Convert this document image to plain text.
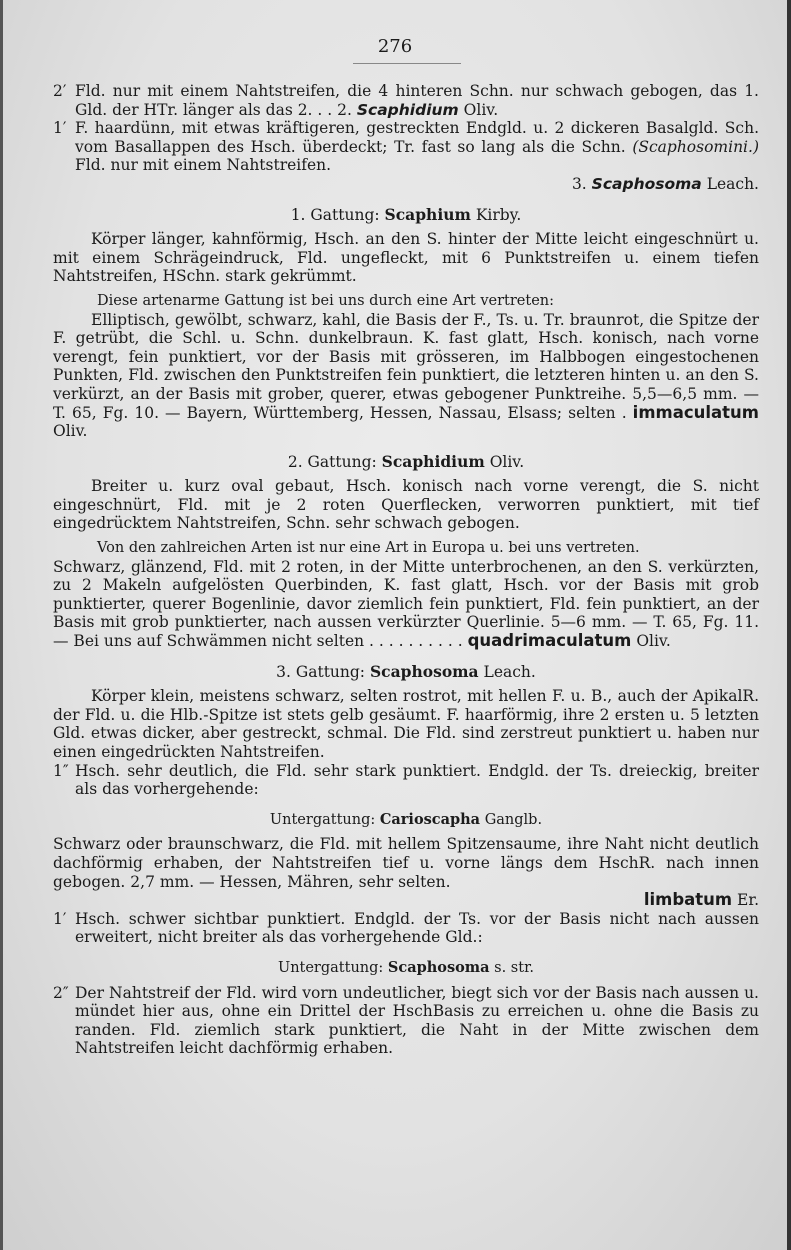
276
2′ Fld. nur mit einem Nahtstreifen, die 4 hinteren Schn. nur schwach gebogen, das 1. Gld. der HTr. länger als das 2. . . 2. Scaphidium Oliv.
1′ F. haardünn, mit etwas kräftigeren, gestreckten Endgld. u. 2 dickeren Basalgld. Sch. vom Basallappen des Hsch. überdeckt; Tr. fast so lang als die Schn. (Scaphosomini.) Fld. nur mit einem Nahtstreifen.
3. Scaphosoma Leach.
1. Gattung: Scaphium Kirby.

Körper länger, kahnförmig, Hsch. an den S. hinter der Mitte leicht eingeschnürt u. mit einem Schrägeindruck, Fld. ungefleckt, mit 6 Punktstreifen u. einem tiefen Nahtstreifen, HSchn. stark gekrümmt.

Diese artenarme Gattung ist bei uns durch eine Art vertreten:

Elliptisch, gewölbt, schwarz, kahl, die Basis der F., Ts. u. Tr. braunrot, die Spitze der F. getrübt, die Schl. u. Schn. dunkelbraun. K. fast glatt, Hsch. konisch, nach vorne verengt, fein punktiert, vor der Basis mit grösseren, im Halbbogen eingestochenen Punkten, Fld. zwischen den Punktstreifen fein punktiert, die letzteren hinten u. an den S. verkürzt, an der Basis mit grober, querer, etwas gebogener Punktreihe. 5,5—6,5 mm. — T. 65, Fg. 10. — Bayern, Württemberg, Hessen, Nassau, Elsass; selten . immaculatum Oliv.

2. Gattung: Scaphidium Oliv.

Breiter u. kurz oval gebaut, Hsch. konisch nach vorne verengt, die S. nicht eingeschnürt, Fld. mit je 2 roten Querflecken, verworren punktiert, mit tief eingedrücktem Nahtstreifen, Schn. sehr schwach gebogen.

Von den zahlreichen Arten ist nur eine Art in Europa u. bei uns vertreten.

Schwarz, glänzend, Fld. mit 2 roten, in der Mitte unterbrochenen, an den S. verkürzten, zu 2 Makeln aufgelösten Querbinden, K. fast glatt, Hsch. vor der Basis mit grob punktierter, querer Bogenlinie, davor ziemlich fein punktiert, Fld. fein punktiert, an der Basis mit grob punktierter, nach aussen verkürzter Querlinie. 5—6 mm. — T. 65, Fg. 11. — Bei uns auf Schwämmen nicht selten . . . . . . . . . . quadrimaculatum Oliv.

3. Gattung: Scaphosoma Leach.

Körper klein, meistens schwarz, selten rostrot, mit hellen F. u. B., auch der ApikalR. der Fld. u. die Hlb.-Spitze ist stets gelb gesäumt. F. haarförmig, ihre 2 ersten u. 5 letzten Gld. etwas dicker, aber gestreckt, schmal. Die Fld. sind zerstreut punktiert u. haben nur einen eingedrückten Nahtstreifen.

1″ Hsch. sehr deutlich, die Fld. sehr stark punktiert. Endgld. der Ts. dreieckig, breiter als das vorhergehende:
Untergattung: Carioscapha Ganglb.

Schwarz oder braunschwarz, die Fld. mit hellem Spitzensaume, ihre Naht nicht deutlich dachförmig erhaben, der Nahtstreifen tief u. vorne längs dem HschR. nach innen gebogen. 2,7 mm. — Hessen, Mähren, sehr selten.
limbatum Er.

1′ Hsch. schwer sichtbar punktiert. Endgld. der Ts. vor der Basis nicht nach aussen erweitert, nicht breiter als das vorhergehende Gld.:
Untergattung: Scaphosoma s. str.
2″ Der Nahtstreif der Fld. wird vorn undeutlicher, biegt sich vor der Basis nach aussen u. mündet hier aus, ohne ein Drittel der HschBasis zu erreichen u. ohne die Basis zu randen. Fld. ziemlich stark punktiert, die Naht in der Mitte zwischen dem Nahtstreifen leicht dachförmig erhaben.
